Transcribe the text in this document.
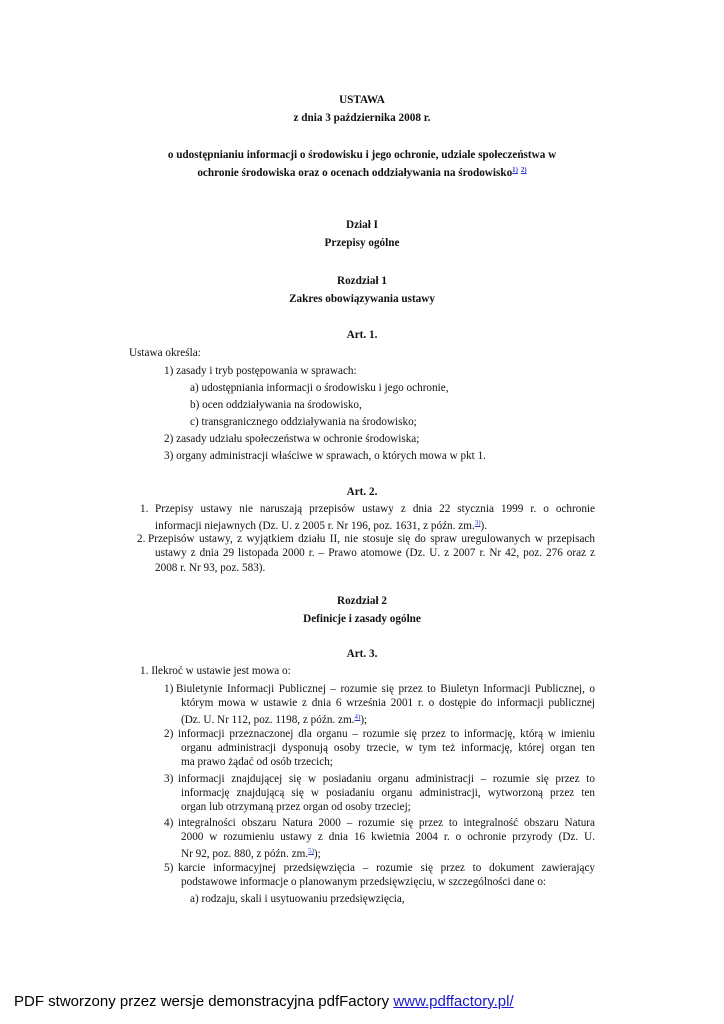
USTAWA
z dnia 3 października 2008 r.
o udostępnianiu informacji o środowisku i jego ochronie, udziale społeczeństwa w
ochronie środowiska oraz o ocenach oddziaływania na środowisko$^{1)}$ $^{2)}$
Dział I
Przepisy ogólne
Rozdział 1
Zakres obowiązywania ustawy
Art. 1.
Ustawa określa:
1) zasady i tryb postępowania w sprawach:
a) udostępniania informacji o środowisku i jego ochronie,
b) ocen oddziaływania na środowisko,
c) transgranicznego oddziaływania na środowisko;
2) zasady udziału społeczeństwa w ochronie środowiska;
3) organy administracji właściwe w sprawach, o których mowa w pkt 1.
Art. 2.
1. Przepisy ustawy nie naruszają przepisów ustawy z dnia 22 stycznia 1999 r. o ochronie
informacji niejawnych (Dz. U. z 2005 r. Nr 196, poz. 1631, z późn. zm.$^{3)}$).
2. Przepisów ustawy, z wyjątkiem działu II, nie stosuje się do spraw uregulowanych w przepisach
ustawy z dnia 29 listopada 2000 r. – Prawo atomowe (Dz. U. z 2007 r. Nr 42, poz. 276 oraz z
2008 r. Nr 93, poz. 583).
Rozdział 2
Definicje i zasady ogólne
Art. 3.
1. Ilekroć w ustawie jest mowa o:
1) Biuletynie Informacji Publicznej – rozumie się przez to Biuletyn Informacji Publicznej, o
którym mowa w ustawie z dnia 6 września 2001 r. o dostępie do informacji publicznej
(Dz. U. Nr 112, poz. 1198, z późn. zm.$^{4)}$);
2) informacji przeznaczonej dla organu – rozumie się przez to informację, którą w imieniu
organu administracji dysponują osoby trzecie, w tym też informację, której organ ten
ma prawo żądać od osób trzecich;
3) informacji znajdującej się w posiadaniu organu administracji – rozumie się przez to
informację znajdującą się w posiadaniu organu administracji, wytworzoną przez ten
organ lub otrzymaną przez organ od osoby trzeciej;
4) integralności obszaru Natura 2000 – rozumie się przez to integralność obszaru Natura
2000 w rozumieniu ustawy z dnia 16 kwietnia 2004 r. o ochronie przyrody (Dz. U.
Nr 92, poz. 880, z późn. zm.$^{5)}$);
5) karcie informacyjnej przedsięwzięcia – rozumie się przez to dokument zawierający
podstawowe informacje o planowanym przedsięwzięciu, w szczególności dane o:
a) rodzaju, skali i usytuowaniu przedsięwzięcia,
PDF stworzony przez wersje demonstracyjna pdfFactory www.pdffactory.pl/
